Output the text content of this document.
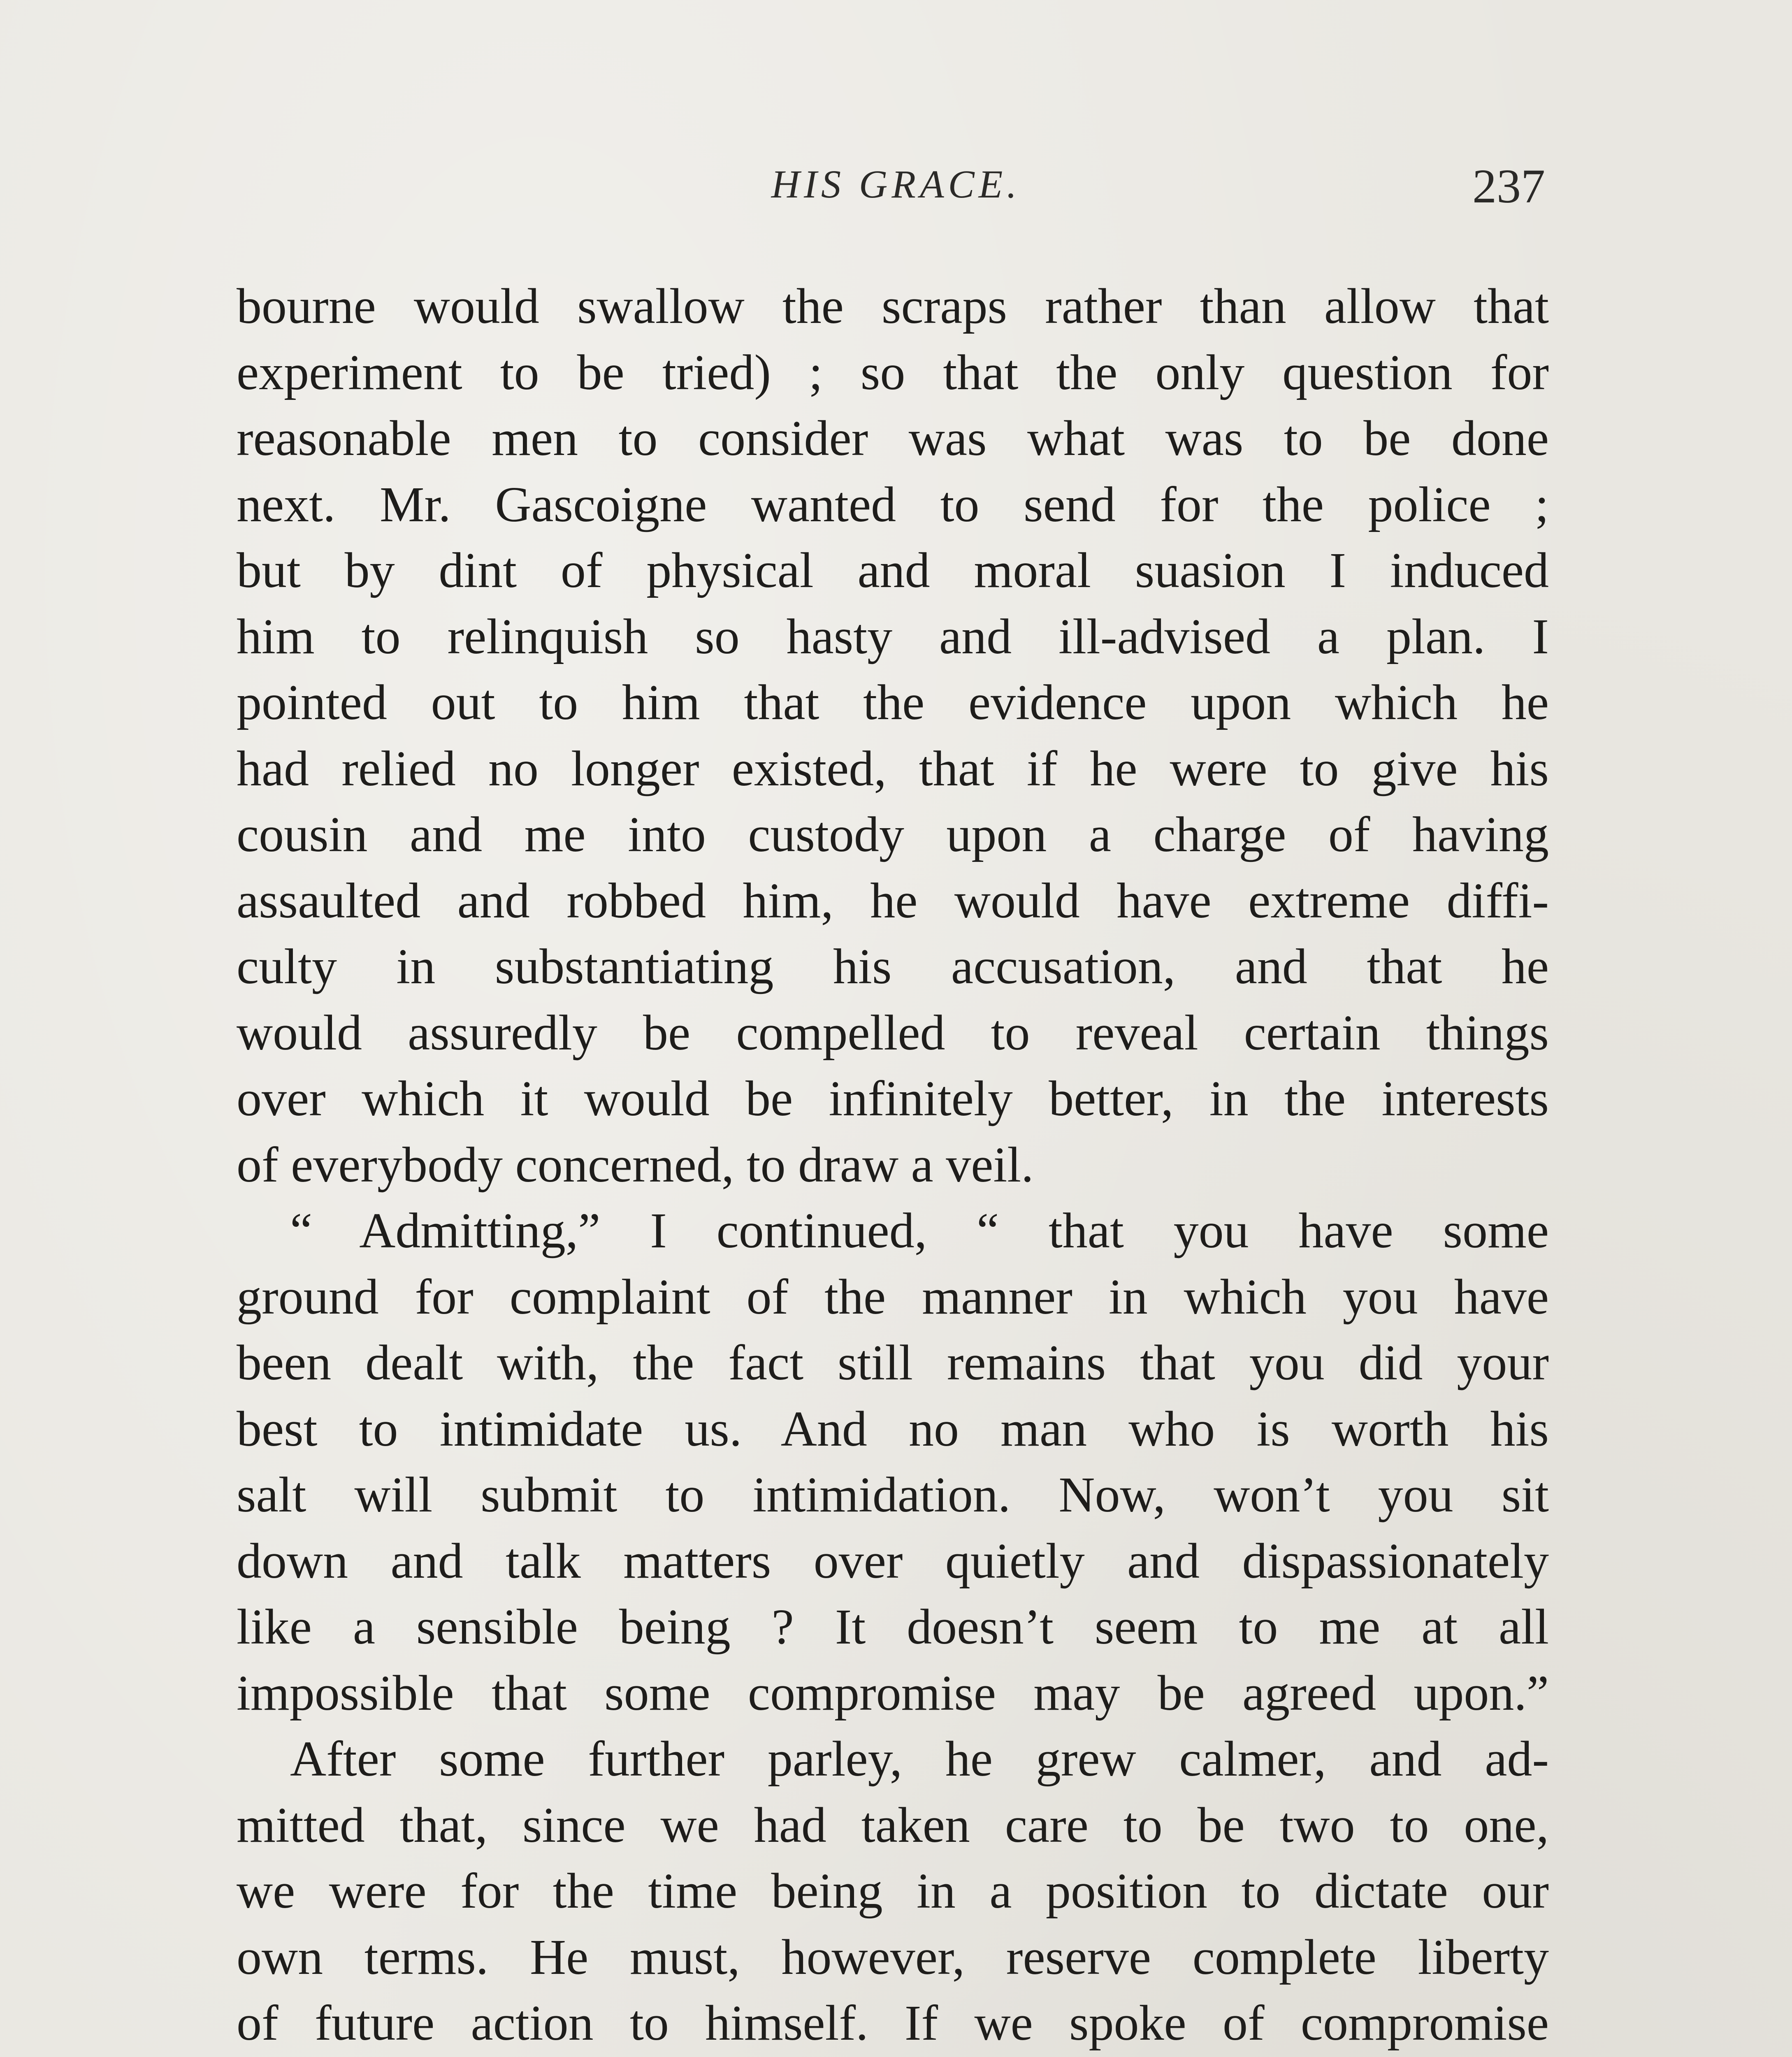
HIS GRACE.	237

bourne would swallow the scraps rather than allow that

experiment to be tried) ; so that the only question for

reasonable men to consider was what was to be done

next. Mr. Gascoigne wanted to send for the police ;

but by dint of physical and moral suasion I induced

him to relinquish so hasty and ill-advised a plan. I

pointed out to him that the evidence upon which he

had relied no longer existed, that if he were to give his

cousin and me into custody upon a charge of having

assaulted and robbed him, he would have extreme diffi-

culty in substantiating his accusation, and that he

would assuredly be compelled to reveal certain things

over which it would be infinitely better, in the interests

of everybody concerned, to draw a veil.

“ Admitting,” I continued, “ that you have some

ground for complaint of the manner in which you have

been dealt with, the fact still remains that you did your

best to intimidate us. And no man who is worth his

salt will submit to intimidation. Now, won’t you sit

down and talk matters over quietly and dispassionately

like a sensible being ? It doesn’t seem to me at all

impossible that some compromise may be agreed upon.”

After some further parley, he grew calmer, and ad-

mitted that, since we had taken care to be two to one,

we were for the time being in a position to dictate our

own terms. He must, however, reserve complete liberty

of future action to himself. If we spoke of compromise
